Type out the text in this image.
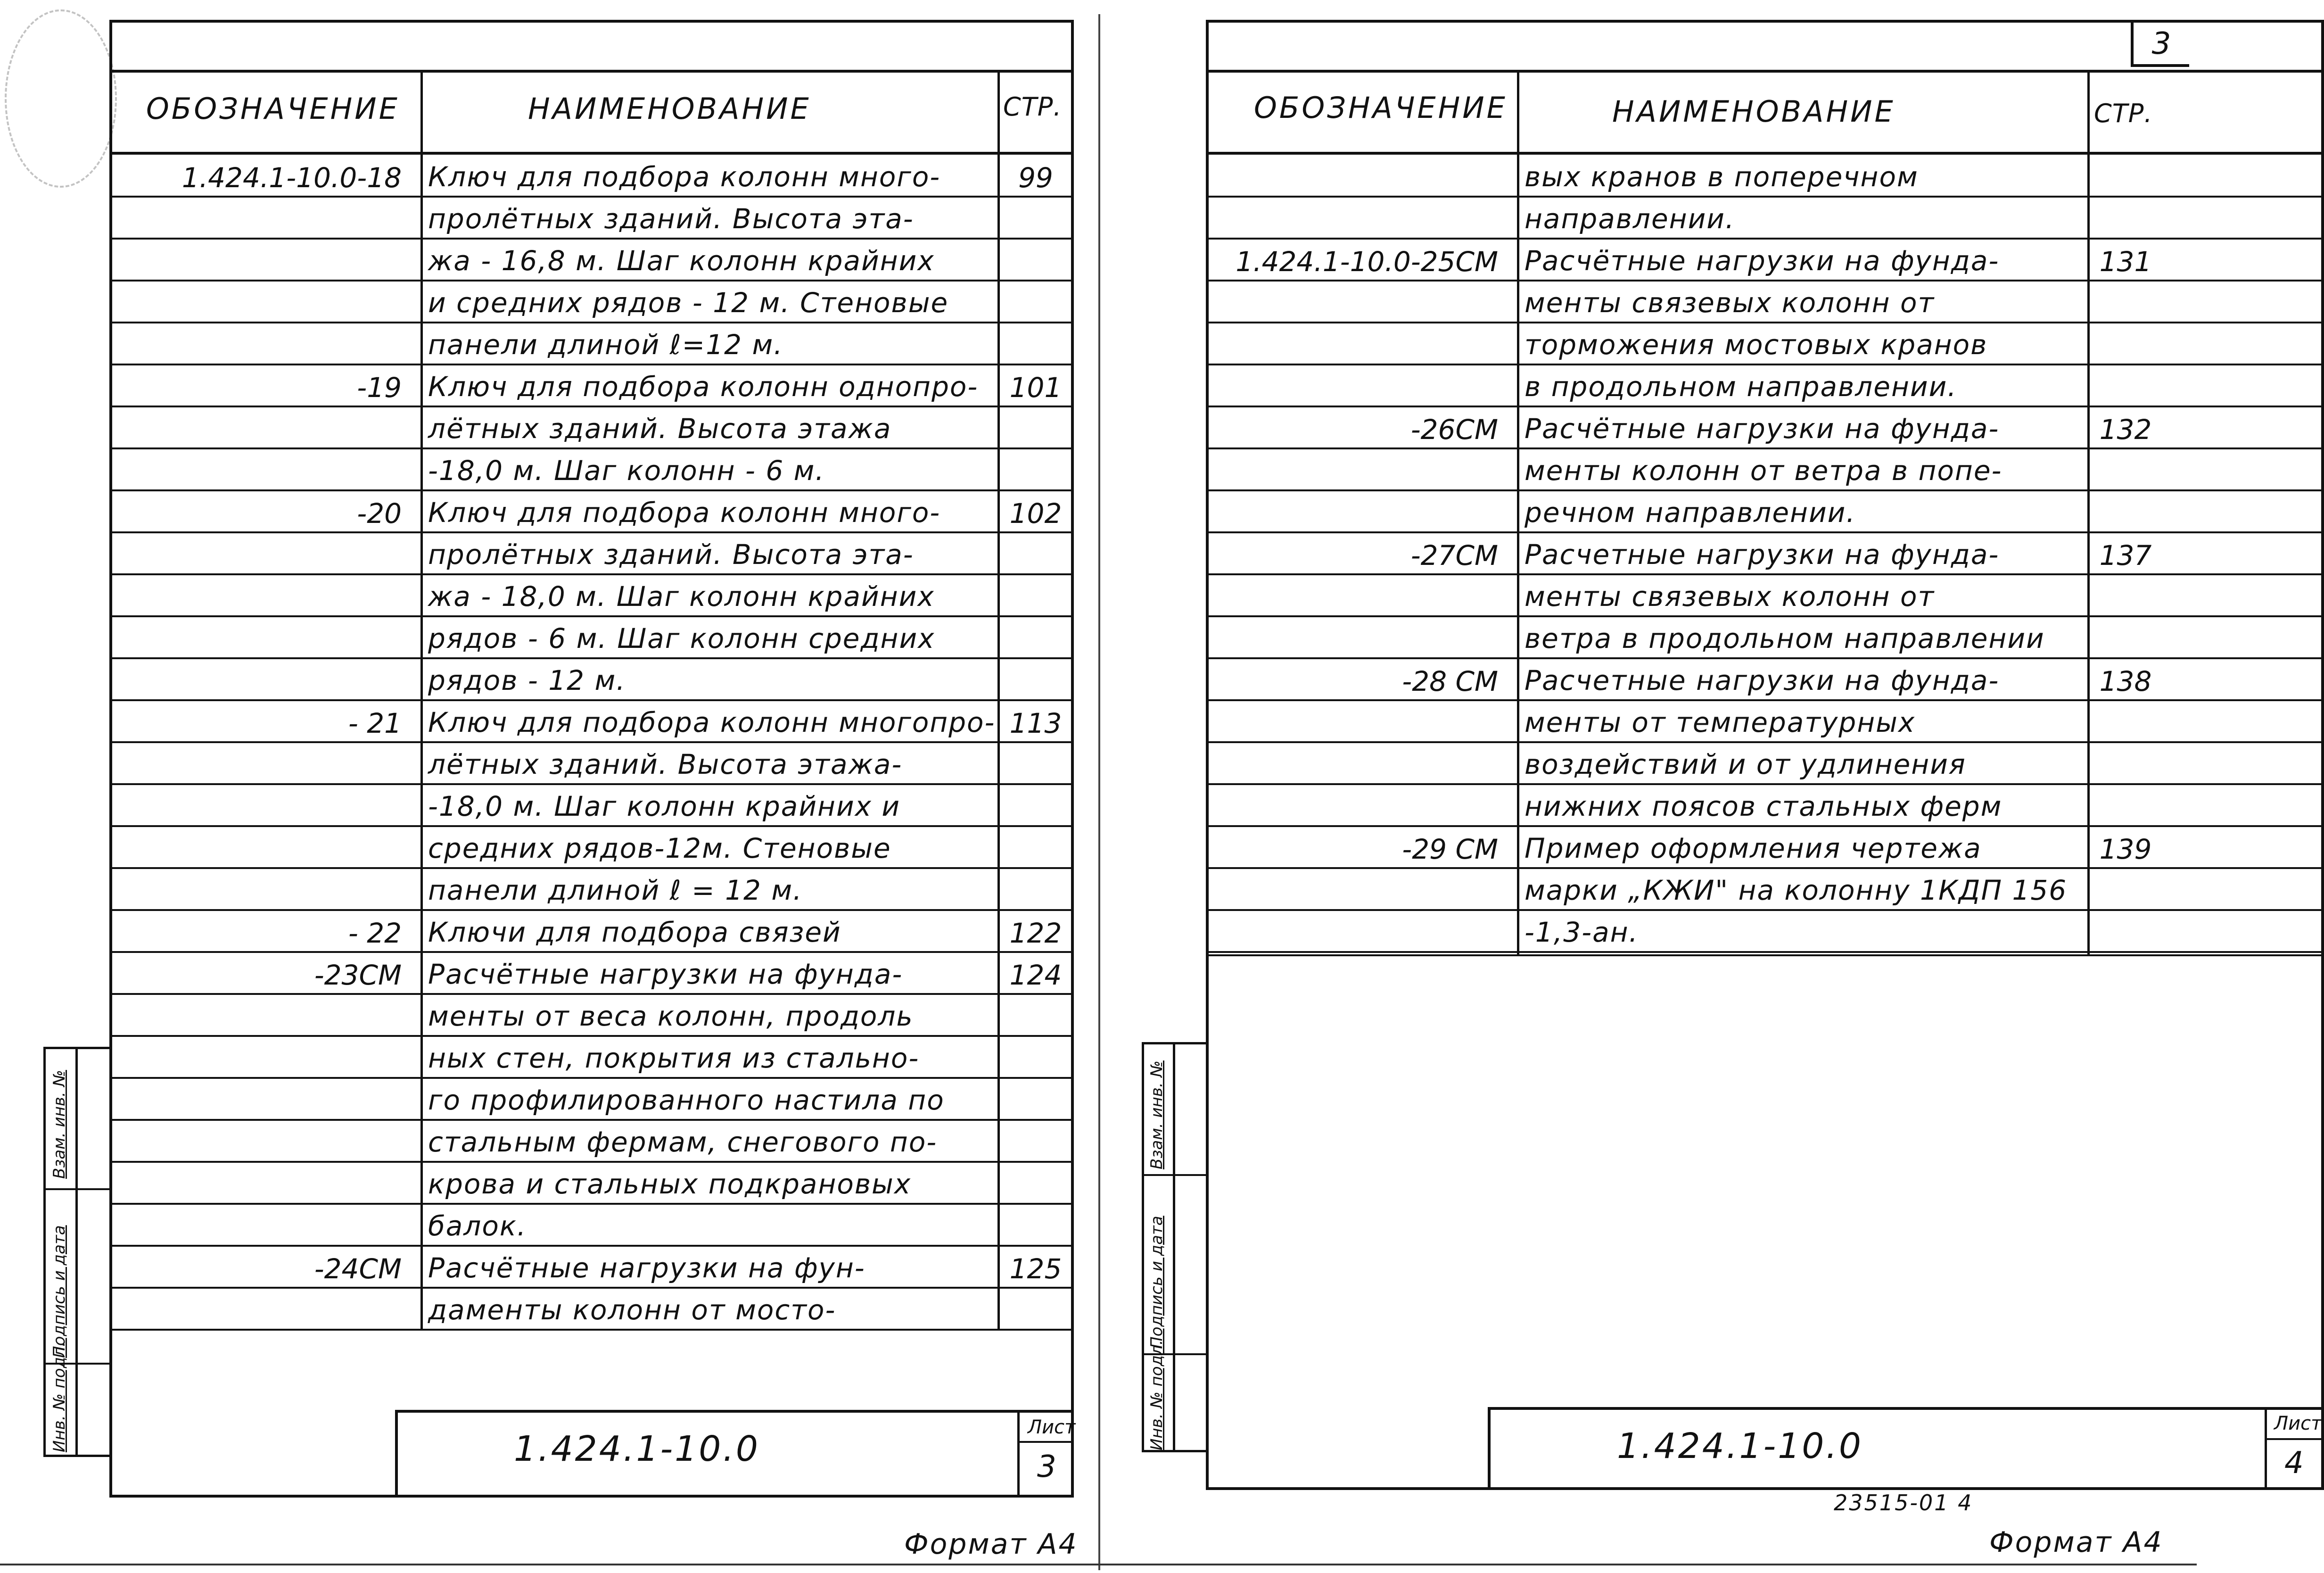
ОБОЗНАЧЕНИЕ	НАИМЕНОВАНИЕ	СТР.
1.424.1-10.0-18 Ключ для подбора колонн много-	99
пролётных зданий. Высота эта-
жа - 16,8 м. Шаг колонн крайних
и средних рядов - 12 м. Стеновые
панели длиной ℓ=12 м.
-19 Ключ для подбора колонн однопро-	101
лётных зданий. Высота этажа
-18,0 м. Шаг колонн - 6 м.
-20 Ключ для подбора колонн много-	102
пролётных зданий. Высота эта-
жа - 18,0 м. Шаг колонн крайних
рядов - 6 м. Шаг колонн средних
рядов - 12 м.
- 21 Ключ для подбора колонн многопро- 113
лётных зданий. Высота этажа-
-18,0 м. Шаг колонн крайних и
средних рядов-12м. Стеновые
панели длиной ℓ = 12 м.
- 22 Ключи для подбора связей	122
-23СМ Расчётные нагрузки на фунда-	124
менты от веса колонн, продоль
ных стен, покрытия из стально-
го профилированного настила по
стальным фермам, снегового по-
крова и стальных подкрановых
балок.
-24СМ Расчётные нагрузки на фун-	125
даменты колонн от мосто-
Инв. № подл.
Подпись и дата
Взам. инв. №
1.424.1-10.0
Лист
3
Формат А4
3
ОБОЗНАЧЕНИЕ	НАИМЕНОВАНИЕ	СТР.
вых кранов в поперечном
направлении.
1.424.1-10.0-25СМ Расчётные нагрузки на фунда-	131
менты связевых колонн от
торможения мостовых кранов
в продольном направлении.
-26СМ Расчётные нагрузки на фунда-	132
менты колонн от ветра в попе-
речном направлении.
-27СМ Расчетные нагрузки на фунда-	137
менты связевых колонн от
ветра в продольном направлении
-28 СМ Расчетные нагрузки на фунда-	138
менты от температурных
воздействий и от удлинения
нижних поясов стальных ферм
-29 СМ Пример оформления чертежа	139
марки „КЖИ" на колонну 1КДП 156
-1,3-ан.
Инв. № подл.
Подпись и дата
Взам. инв. №
1.424.1-10.0
Лист
4
23515-01 4
Формат А4
